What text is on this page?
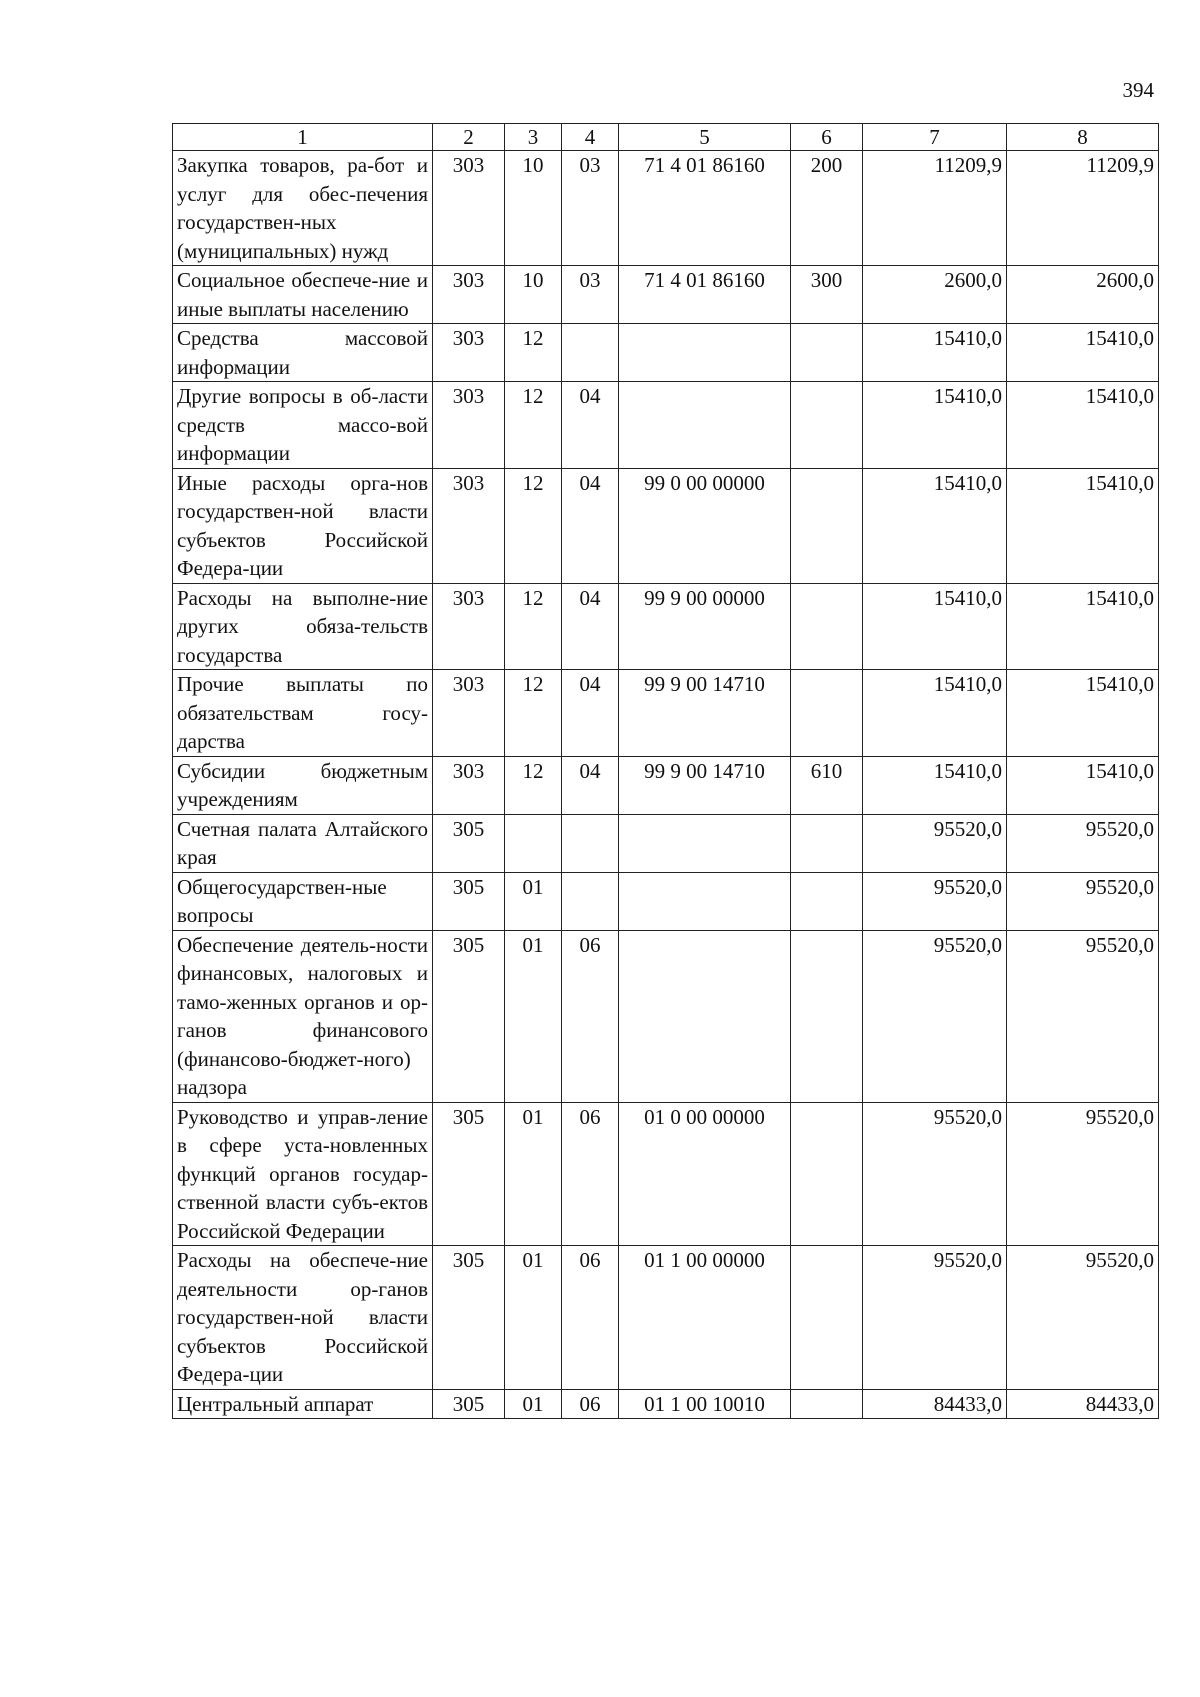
394
1	2	3	4	5	6	7	8
Закупка товаров, ра-бот и услуг для обес-печения государствен-ных (муниципальных) нужд	303	10	03	71 4 01 86160	200	11209,9	11209,9
Социальное обеспече-ние и иные выплаты населению	303	10	03	71 4 01 86160	300	2600,0	2600,0
Средства массовой информации	303	12				15410,0	15410,0
Другие вопросы в об-ласти средств массо-вой информации	303	12	04			15410,0	15410,0
Иные расходы орга-нов государствен-ной власти субъектов Российской Федера-ции	303	12	04	99 0 00 00000		15410,0	15410,0
Расходы на выполне-ние других обяза-тельств государства	303	12	04	99 9 00 00000		15410,0	15410,0
Прочие выплаты по обязательствам госу-дарства	303	12	04	99 9 00 14710		15410,0	15410,0
Субсидии бюджетным учреждениям	303	12	04	99 9 00 14710	610	15410,0	15410,0
Счетная палата Алтайского края	305					95520,0	95520,0
Общегосударствен-ные вопросы	305	01				95520,0	95520,0
Обеспечение деятель-ности финансовых, налоговых и тамо-женных органов и ор-ганов финансового (финансово-бюджет-ного) надзора	305	01	06			95520,0	95520,0
Руководство и управ-ление в сфере уста-новленных функций органов государ-ственной власти субъ-ектов Российской Федерации	305	01	06	01 0 00 00000		95520,0	95520,0
Расходы на обеспече-ние деятельности ор-ганов государствен-ной власти субъектов Российской Федера-ции	305	01	06	01 1 00 00000		95520,0	95520,0
Центральный аппарат	305	01	06	01 1 00 10010		84433,0	84433,0
